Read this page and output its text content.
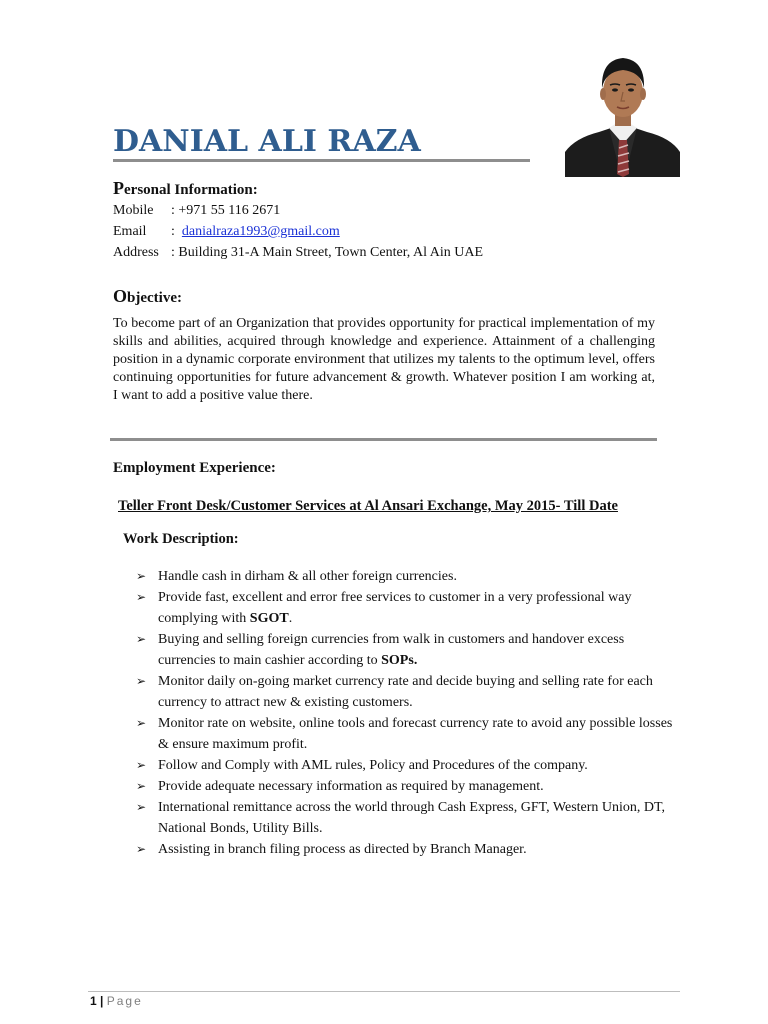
DANIAL ALI RAZA
Personal Information:
Mobile : +971 55 116 2671
Email : danialraza1993@gmail.com
Address : Building 31-A Main Street, Town Center, Al Ain UAE
Objective:
To become part of an Organization that provides opportunity for practical implementation of my skills and abilities, acquired through knowledge and experience. Attainment of a challenging position in a dynamic corporate environment that utilizes my talents to the optimum level, offers continuing opportunities for future advancement & growth. Whatever position I am working at, I want to add a positive value there.
Employment Experience:
Teller Front Desk/Customer Services at Al Ansari Exchange, May 2015- Till Date
Work Description:
➢ Handle cash in dirham & all other foreign currencies.
➢ Provide fast, excellent and error free services to customer in a very professional way complying with SGOT.
➢ Buying and selling foreign currencies from walk in customers and handover excess currencies to main cashier according to SOPs.
➢ Monitor daily on-going market currency rate and decide buying and selling rate for each currency to attract new & existing customers.
➢ Monitor rate on website, online tools and forecast currency rate to avoid any possible losses & ensure maximum profit.
➢ Follow and Comply with AML rules, Policy and Procedures of the company.
➢ Provide adequate necessary information as required by management.
➢ International remittance across the world through Cash Express, GFT, Western Union, DT, National Bonds, Utility Bills.
➢ Assisting in branch filing process as directed by Branch Manager.
1 | Page
